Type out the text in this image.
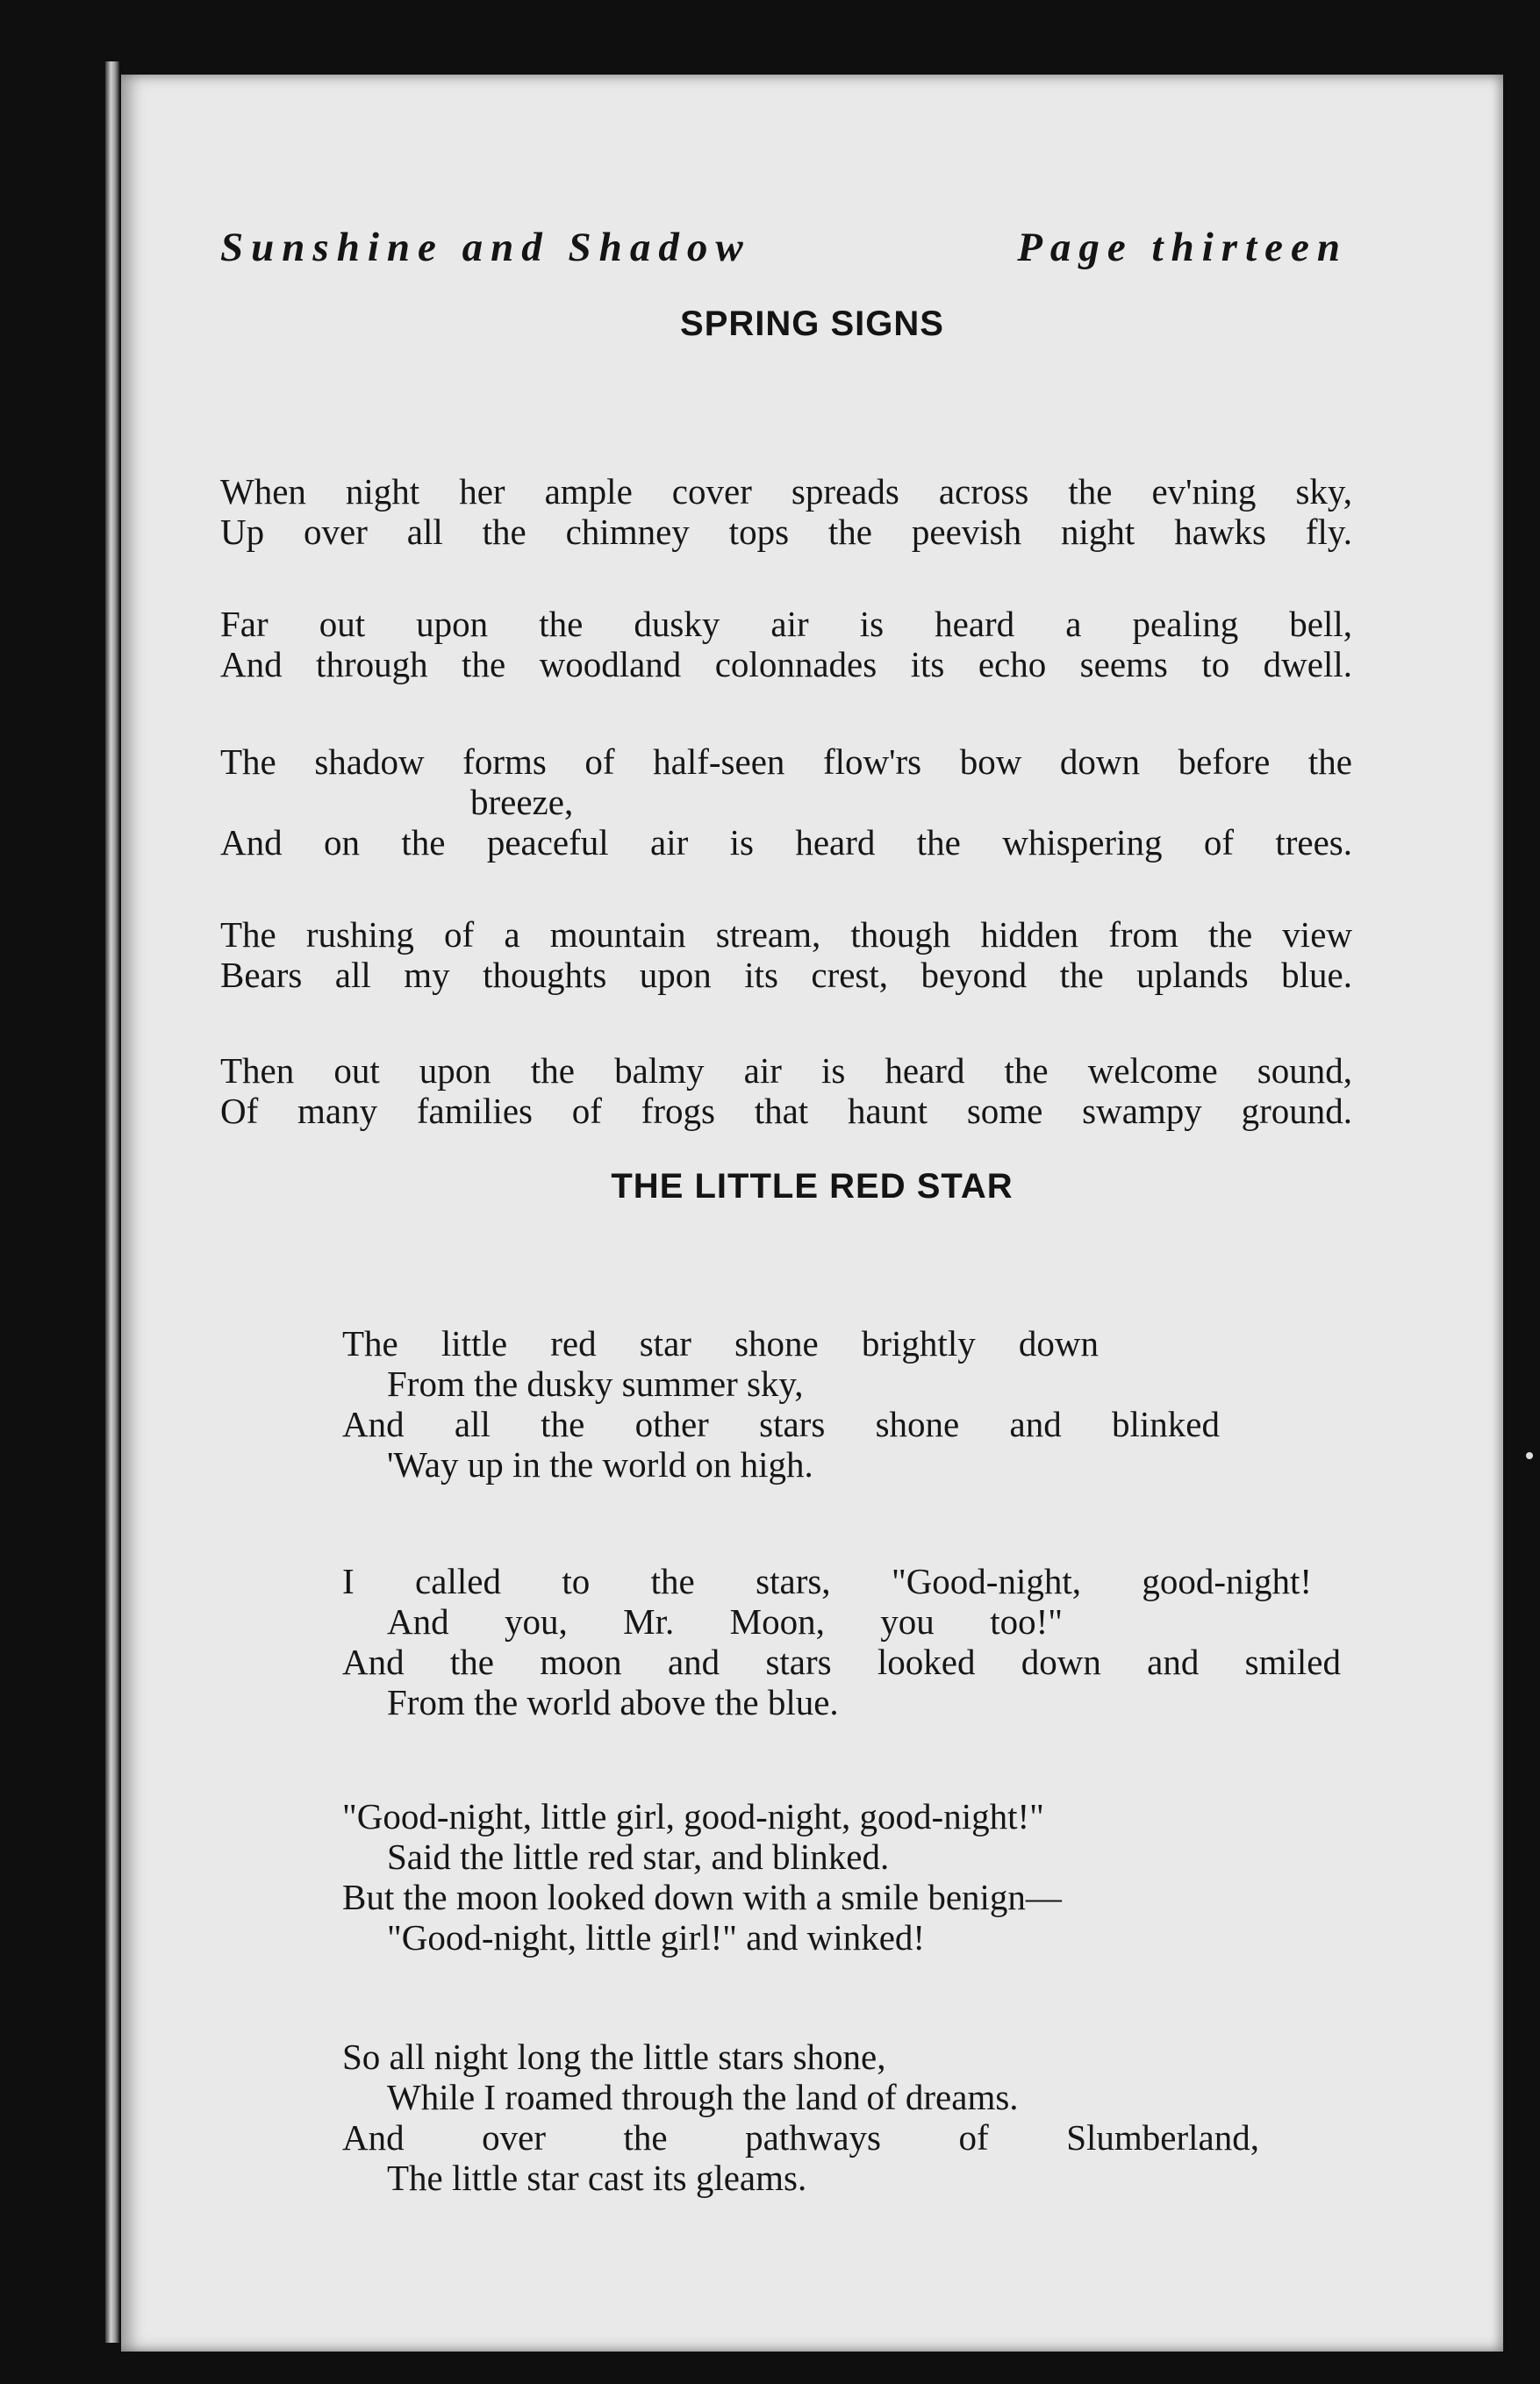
Sunshine and Shadow	Page thirteen
SPRING SIGNS
When night her ample cover spreads across the ev'ning sky,
Up over all the chimney tops the peevish night hawks fly.
Far out upon the dusky air is heard a pealing bell,
And through the woodland colonnades its echo seems to dwell.
The shadow forms of half-seen flow'rs bow down before the
breeze,
And on the peaceful air is heard the whispering of trees.
The rushing of a mountain stream, though hidden from the view
Bears all my thoughts upon its crest, beyond the uplands blue.
Then out upon the balmy air is heard the welcome sound,
Of many families of frogs that haunt some swampy ground.
THE LITTLE RED STAR
The little red star shone brightly down
From the dusky summer sky,
And all the other stars shone and blinked
'Way up in the world on high.
I called to the stars, "Good-night, good-night!
And you, Mr. Moon, you too!"
And the moon and stars looked down and smiled
From the world above the blue.
"Good-night, little girl, good-night, good-night!"
Said the little red star, and blinked.
But the moon looked down with a smile benign—
"Good-night, little girl!" and winked!
So all night long the little stars shone,
While I roamed through the land of dreams.
And over the pathways of Slumberland,
The little star cast its gleams.
